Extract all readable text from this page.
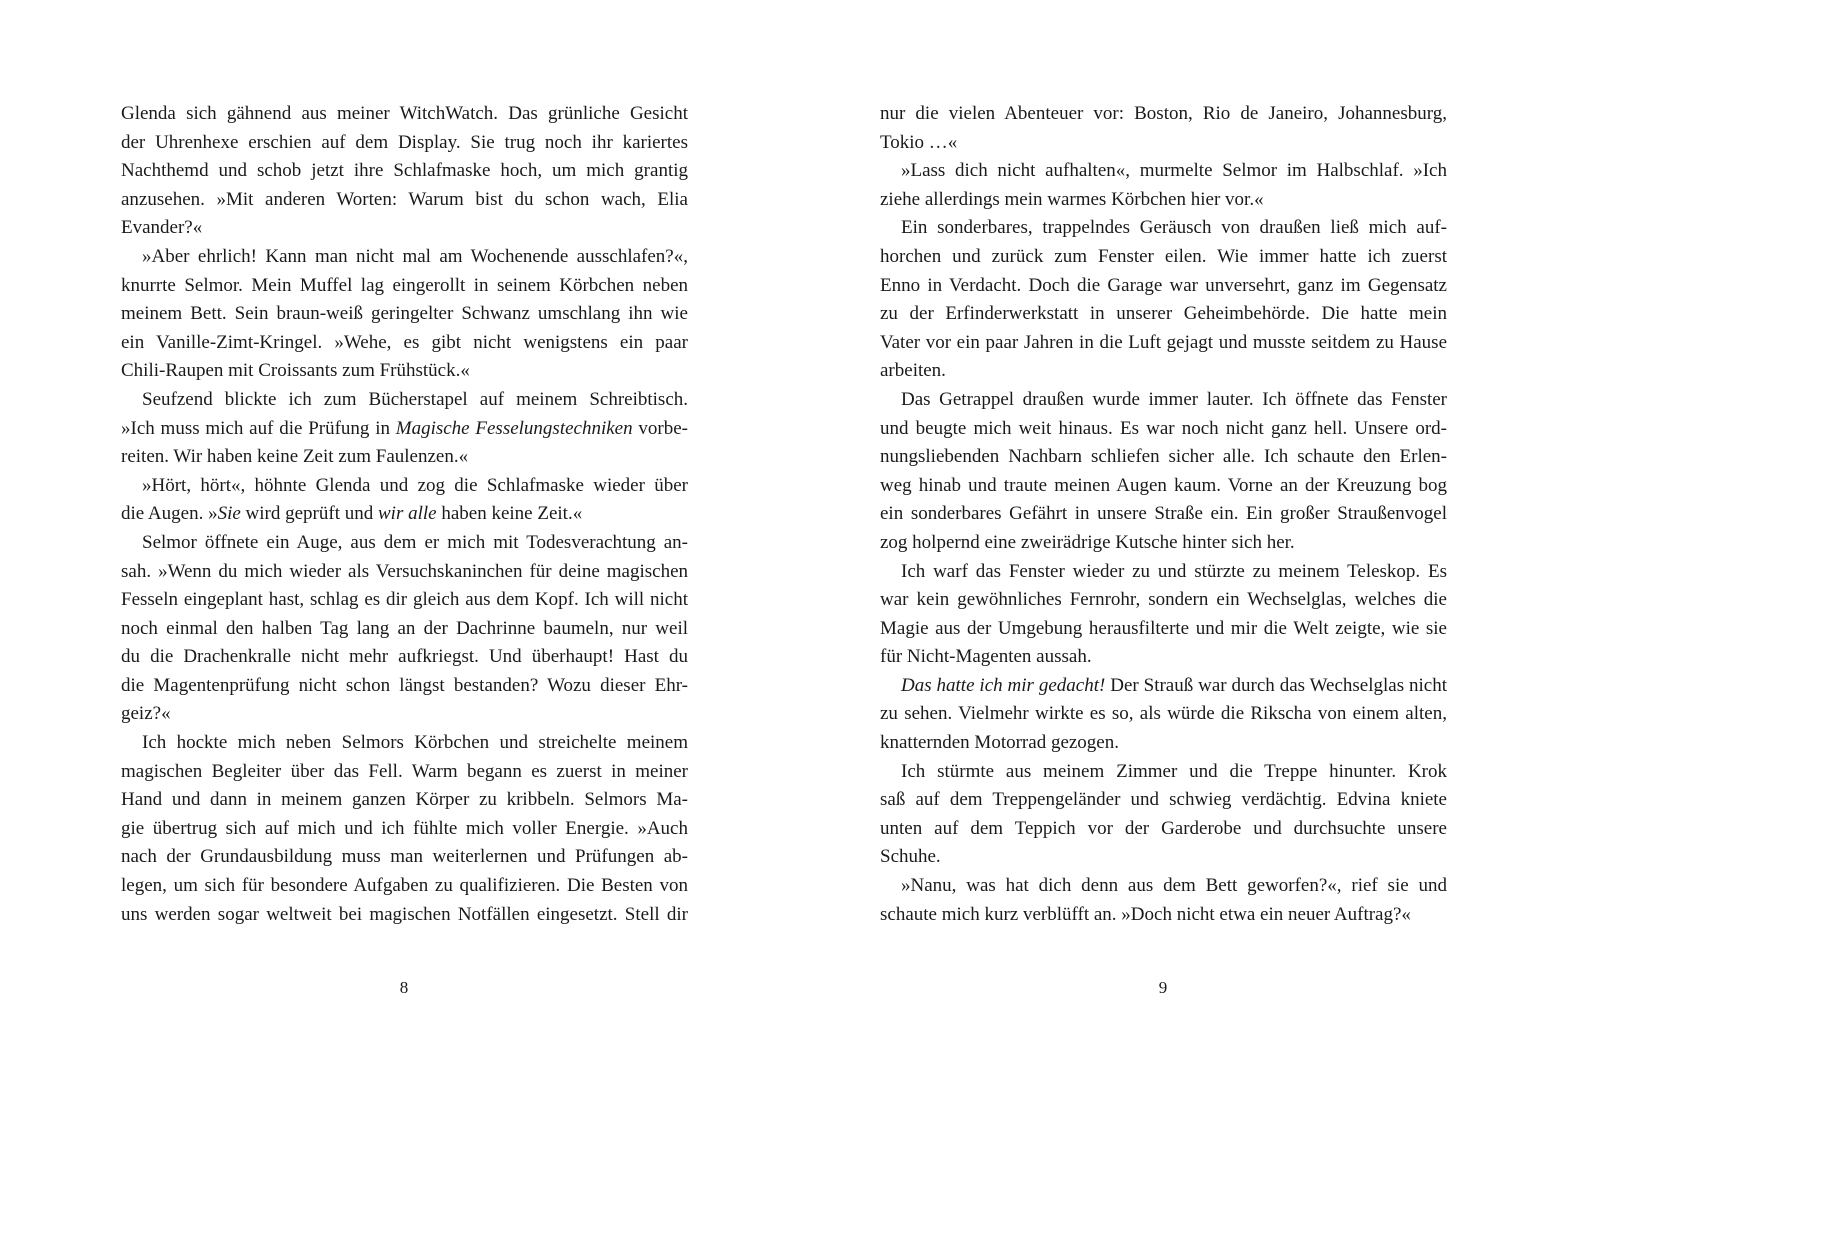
Glenda sich gähnend aus meiner WitchWatch. Das grünliche Gesicht
der Uhrenhexe erschien auf dem Display. Sie trug noch ihr kariertes
Nachthemd und schob jetzt ihre Schlafmaske hoch, um mich grantig
anzusehen. »Mit anderen Worten: Warum bist du schon wach, Elia
Evander?«
»Aber ehrlich! Kann man nicht mal am Wochenende ausschlafen?«,
knurrte Selmor. Mein Muffel lag eingerollt in seinem Körbchen neben
meinem Bett. Sein braun-weiß geringelter Schwanz umschlang ihn wie
ein Vanille-Zimt-Kringel. »Wehe, es gibt nicht wenigstens ein paar
Chili-Raupen mit Croissants zum Frühstück.«
Seufzend blickte ich zum Bücherstapel auf meinem Schreibtisch.
»Ich muss mich auf die Prüfung in Magische Fesselungstechniken vorbe-
reiten. Wir haben keine Zeit zum Faulenzen.«
»Hört, hört«, höhnte Glenda und zog die Schlafmaske wieder über
die Augen. »Sie wird geprüft und wir alle haben keine Zeit.«
Selmor öffnete ein Auge, aus dem er mich mit Todesverachtung an-
sah. »Wenn du mich wieder als Versuchskaninchen für deine magischen
Fesseln eingeplant hast, schlag es dir gleich aus dem Kopf. Ich will nicht
noch einmal den halben Tag lang an der Dachrinne baumeln, nur weil
du die Drachenkralle nicht mehr aufkriegst. Und überhaupt! Hast du
die Magentenprüfung nicht schon längst bestanden? Wozu dieser Ehr-
geiz?«
Ich hockte mich neben Selmors Körbchen und streichelte meinem
magischen Begleiter über das Fell. Warm begann es zuerst in meiner
Hand und dann in meinem ganzen Körper zu kribbeln. Selmors Ma-
gie übertrug sich auf mich und ich fühlte mich voller Energie. »Auch
nach der Grundausbildung muss man weiterlernen und Prüfungen ab-
legen, um sich für besondere Aufgaben zu qualifizieren. Die Besten von
uns werden sogar weltweit bei magischen Notfällen eingesetzt. Stell dir
8
nur die vielen Abenteuer vor: Boston, Rio de Janeiro, Johannesburg,
Tokio …«
»Lass dich nicht aufhalten«, murmelte Selmor im Halbschlaf. »Ich
ziehe allerdings mein warmes Körbchen hier vor.«
Ein sonderbares, trappelndes Geräusch von draußen ließ mich auf-
horchen und zurück zum Fenster eilen. Wie immer hatte ich zuerst
Enno in Verdacht. Doch die Garage war unversehrt, ganz im Gegensatz
zu der Erfinderwerkstatt in unserer Geheimbehörde. Die hatte mein
Vater vor ein paar Jahren in die Luft gejagt und musste seitdem zu Hause
arbeiten.
Das Getrappel draußen wurde immer lauter. Ich öffnete das Fenster
und beugte mich weit hinaus. Es war noch nicht ganz hell. Unsere ord-
nungsliebenden Nachbarn schliefen sicher alle. Ich schaute den Erlen-
weg hinab und traute meinen Augen kaum. Vorne an der Kreuzung bog
ein sonderbares Gefährt in unsere Straße ein. Ein großer Straußenvogel
zog holpernd eine zweirädrige Kutsche hinter sich her.
Ich warf das Fenster wieder zu und stürzte zu meinem Teleskop. Es
war kein gewöhnliches Fernrohr, sondern ein Wechselglas, welches die
Magie aus der Umgebung herausfilterte und mir die Welt zeigte, wie sie
für Nicht-Magenten aussah.
Das hatte ich mir gedacht! Der Strauß war durch das Wechselglas nicht
zu sehen. Vielmehr wirkte es so, als würde die Rikscha von einem alten,
knatternden Motorrad gezogen.
Ich stürmte aus meinem Zimmer und die Treppe hinunter. Krok
saß auf dem Treppengeländer und schwieg verdächtig. Edvina kniete
unten auf dem Teppich vor der Garderobe und durchsuchte unsere
Schuhe.
»Nanu, was hat dich denn aus dem Bett geworfen?«, rief sie und
schaute mich kurz verblüfft an. »Doch nicht etwa ein neuer Auftrag?«
9
